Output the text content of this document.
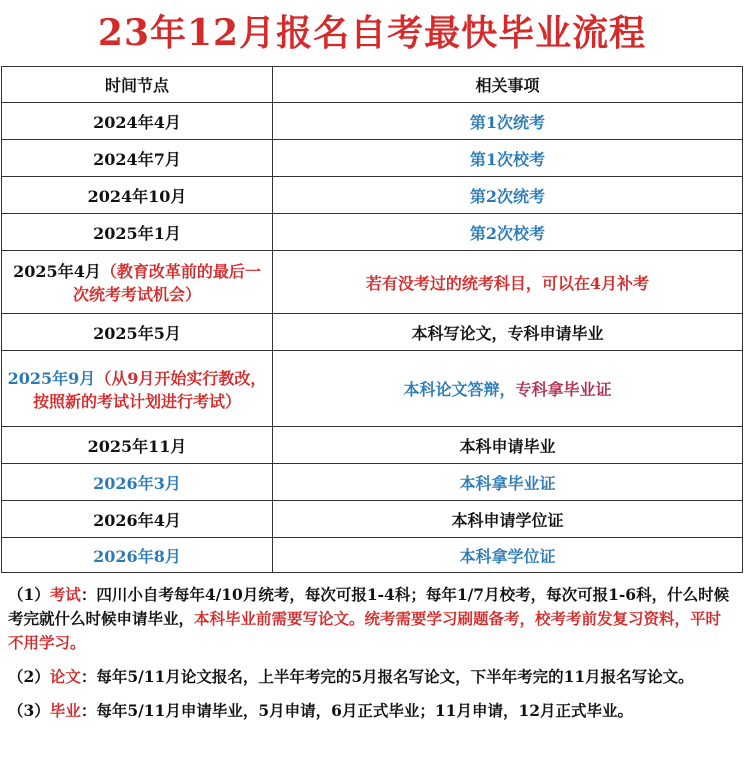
23年12月报名自考最快毕业流程
时间节点	相关事项
2024年4月	第1次统考
2024年7月	第1次校考
2024年10月	第2次统考
2025年1月	第2次校考
2025年4月（教育改革前的最后一次统考考试机会）	若有没考过的统考科目，可以在4月补考
2025年5月	本科写论文，专科申请毕业
2025年9月（从9月开始实行教改，按照新的考试计划进行考试）	本科论文答辩，专科拿毕业证
2025年11月	本科申请毕业
2026年3月	本科拿毕业证
2026年4月	本科申请学位证
2026年8月	本科拿学位证

（1）考试：四川小自考每年4/10月统考，每次可报1-4科；每年1/7月校考，每次可报1-6科，什么时候考完就什么时候申请毕业，本科毕业前需要写论文。统考需要学习刷题备考，校考考前发复习资料，平时不用学习。

（2）论文：每年5/11月论文报名，上半年考完的5月报名写论文，下半年考完的11月报名写论文。

（3）毕业：每年5/11月申请毕业，5月申请，6月正式毕业；11月申请，12月正式毕业。
